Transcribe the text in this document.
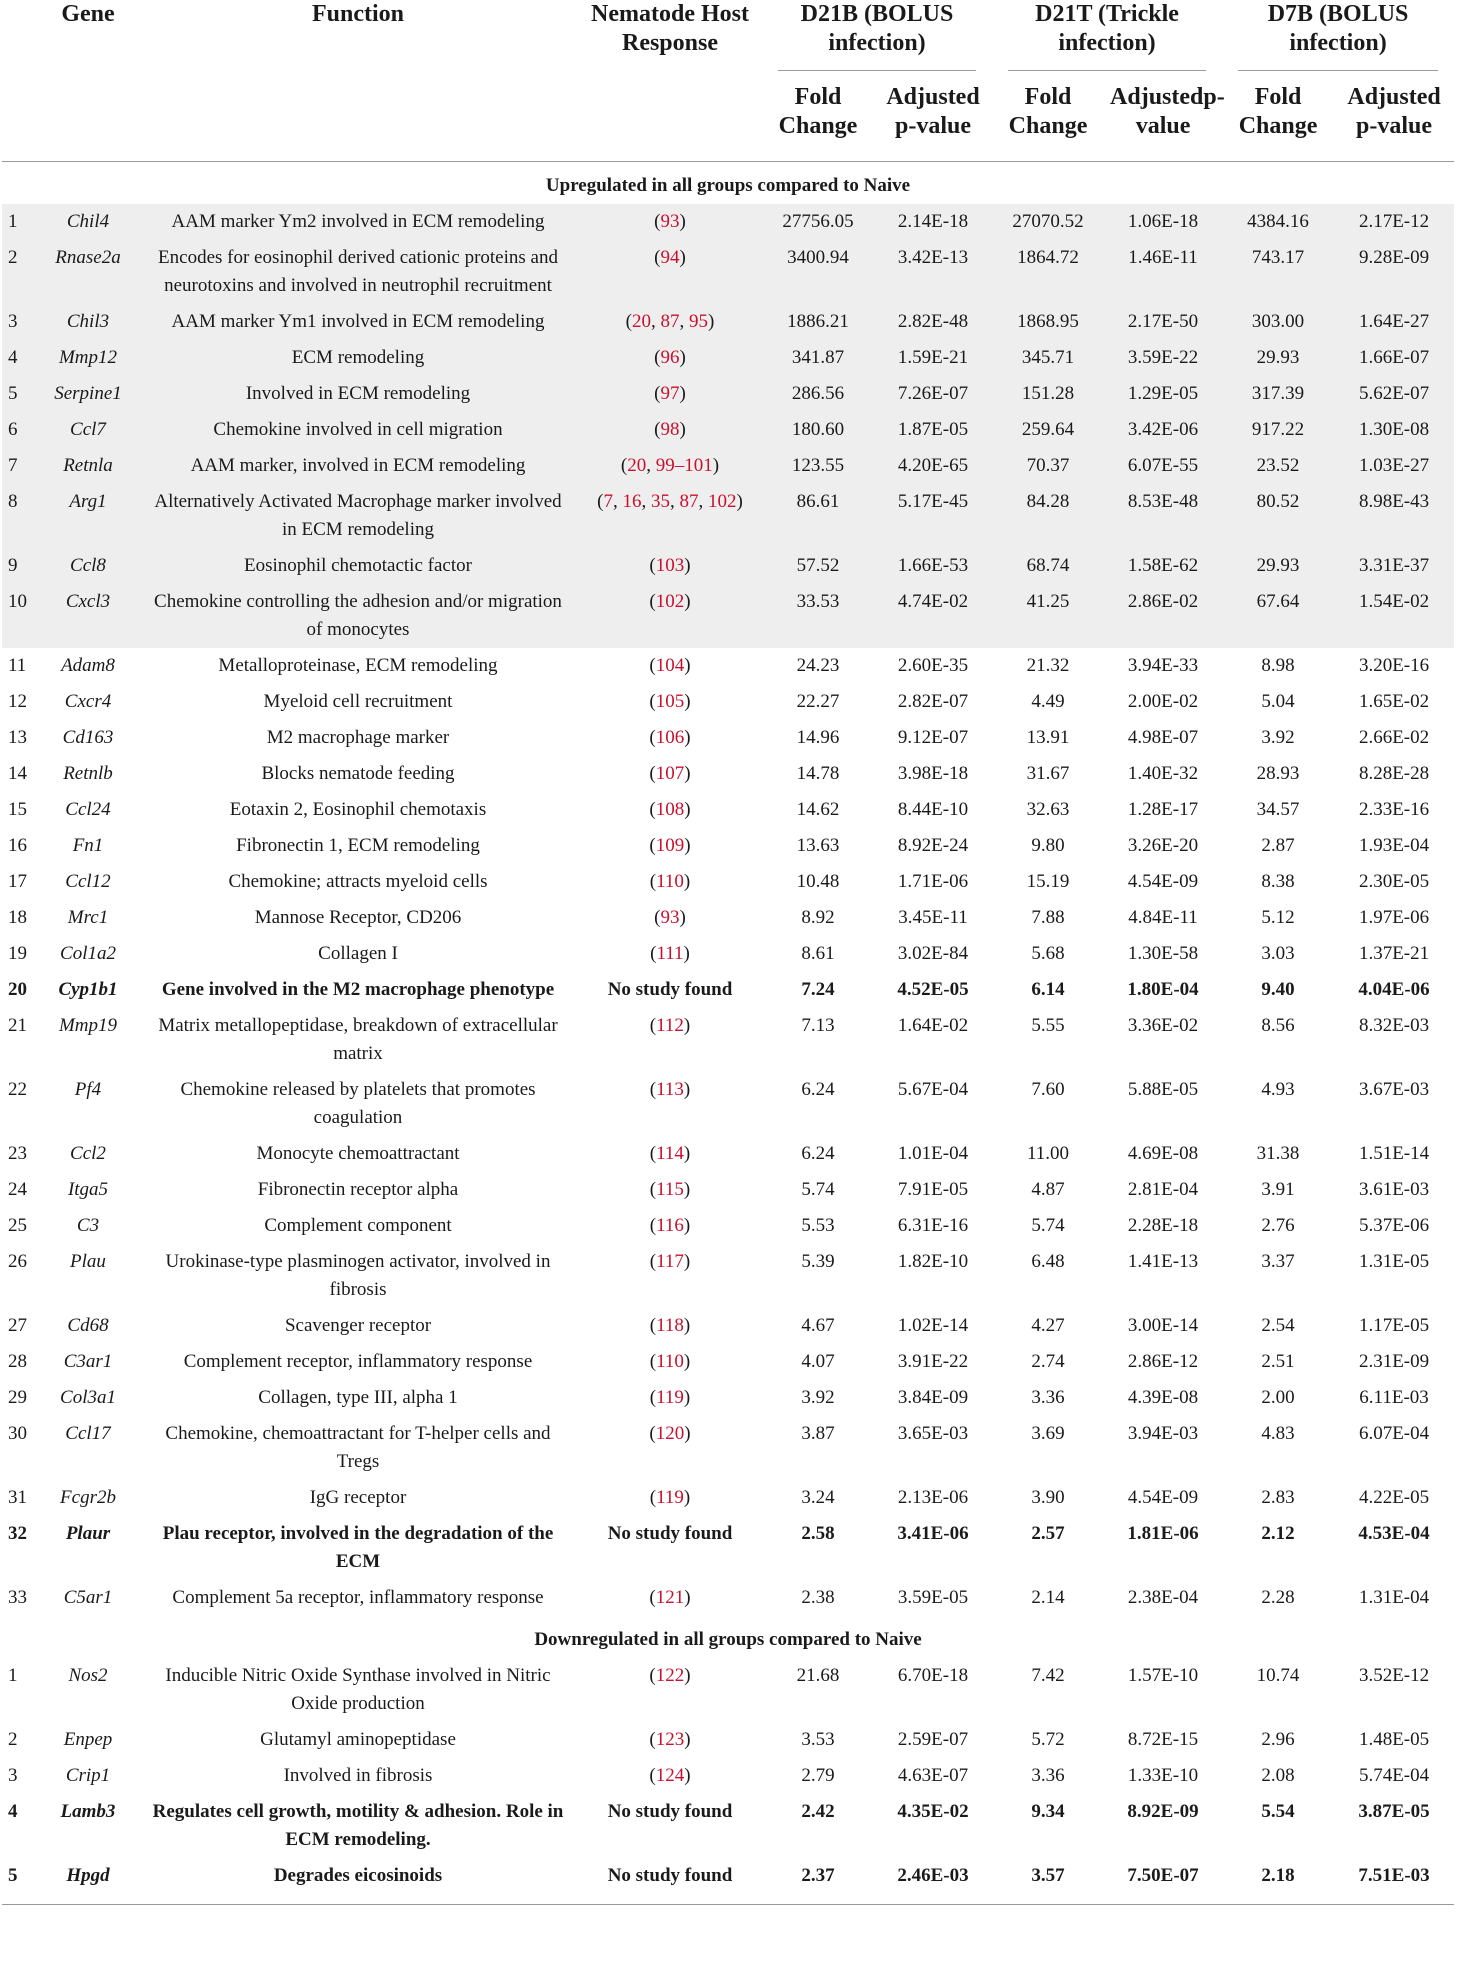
	Gene	Function	Nematode Host Response	D21B (BOLUS infection)		D21T (Trickle infection)		D7B (BOLUS infection)	

				Fold Change	Adjusted p-value	Fold Change	Adjustedp-value	Fold Change	Adjusted p-value
Upregulated in all groups compared to Naive									
1	Chil4	AAM marker Ym2 involved in ECM remodeling	(93)	27756.05	2.14E-18	27070.52	1.06E-18	4384.16	2.17E-12
2	Rnase2a	Encodes for eosinophil derived cationic proteins and neurotoxins and involved in neutrophil recruitment	(94)	3400.94	3.42E-13	1864.72	1.46E-11	743.17	9.28E-09
3	Chil3	AAM marker Ym1 involved in ECM remodeling	(20, 87, 95)	1886.21	2.82E-48	1868.95	2.17E-50	303.00	1.64E-27
4	Mmp12	ECM remodeling	(96)	341.87	1.59E-21	345.71	3.59E-22	29.93	1.66E-07
5	Serpine1	Involved in ECM remodeling	(97)	286.56	7.26E-07	151.28	1.29E-05	317.39	5.62E-07
6	Ccl7	Chemokine involved in cell migration	(98)	180.60	1.87E-05	259.64	3.42E-06	917.22	1.30E-08
7	Retnla	AAM marker, involved in ECM remodeling	(20, 99–101)	123.55	4.20E-65	70.37	6.07E-55	23.52	1.03E-27
8	Arg1	Alternatively Activated Macrophage marker involved in ECM remodeling	(7, 16, 35, 87, 102)	86.61	5.17E-45	84.28	8.53E-48	80.52	8.98E-43
9	Ccl8	Eosinophil chemotactic factor	(103)	57.52	1.66E-53	68.74	1.58E-62	29.93	3.31E-37
10	Cxcl3	Chemokine controlling the adhesion and/or migration of monocytes	(102)	33.53	4.74E-02	41.25	2.86E-02	67.64	1.54E-02
11	Adam8	Metalloproteinase, ECM remodeling	(104)	24.23	2.60E-35	21.32	3.94E-33	8.98	3.20E-16
12	Cxcr4	Myeloid cell recruitment	(105)	22.27	2.82E-07	4.49	2.00E-02	5.04	1.65E-02
13	Cd163	M2 macrophage marker	(106)	14.96	9.12E-07	13.91	4.98E-07	3.92	2.66E-02
14	Retnlb	Blocks nematode feeding	(107)	14.78	3.98E-18	31.67	1.40E-32	28.93	8.28E-28
15	Ccl24	Eotaxin 2, Eosinophil chemotaxis	(108)	14.62	8.44E-10	32.63	1.28E-17	34.57	2.33E-16
16	Fn1	Fibronectin 1, ECM remodeling	(109)	13.63	8.92E-24	9.80	3.26E-20	2.87	1.93E-04
17	Ccl12	Chemokine; attracts myeloid cells	(110)	10.48	1.71E-06	15.19	4.54E-09	8.38	2.30E-05
18	Mrc1	Mannose Receptor, CD206	(93)	8.92	3.45E-11	7.88	4.84E-11	5.12	1.97E-06
19	Col1a2	Collagen I	(111)	8.61	3.02E-84	5.68	1.30E-58	3.03	1.37E-21
20	Cyp1b1	Gene involved in the M2 macrophage phenotype	No study found	7.24	4.52E-05	6.14	1.80E-04	9.40	4.04E-06
21	Mmp19	Matrix metallopeptidase, breakdown of extracellular matrix	(112)	7.13	1.64E-02	5.55	3.36E-02	8.56	8.32E-03
22	Pf4	Chemokine released by platelets that promotes coagulation	(113)	6.24	5.67E-04	7.60	5.88E-05	4.93	3.67E-03
23	Ccl2	Monocyte chemoattractant	(114)	6.24	1.01E-04	11.00	4.69E-08	31.38	1.51E-14
24	Itga5	Fibronectin receptor alpha	(115)	5.74	7.91E-05	4.87	2.81E-04	3.91	3.61E-03
25	C3	Complement component	(116)	5.53	6.31E-16	5.74	2.28E-18	2.76	5.37E-06
26	Plau	Urokinase-type plasminogen activator, involved in fibrosis	(117)	5.39	1.82E-10	6.48	1.41E-13	3.37	1.31E-05
27	Cd68	Scavenger receptor	(118)	4.67	1.02E-14	4.27	3.00E-14	2.54	1.17E-05
28	C3ar1	Complement receptor, inflammatory response	(110)	4.07	3.91E-22	2.74	2.86E-12	2.51	2.31E-09
29	Col3a1	Collagen, type III, alpha 1	(119)	3.92	3.84E-09	3.36	4.39E-08	2.00	6.11E-03
30	Ccl17	Chemokine, chemoattractant for T-helper cells and Tregs	(120)	3.87	3.65E-03	3.69	3.94E-03	4.83	6.07E-04
31	Fcgr2b	IgG receptor	(119)	3.24	2.13E-06	3.90	4.54E-09	2.83	4.22E-05
32	Plaur	Plau receptor, involved in the degradation of the ECM	No study found	2.58	3.41E-06	2.57	1.81E-06	2.12	4.53E-04
33	C5ar1	Complement 5a receptor, inflammatory response	(121)	2.38	3.59E-05	2.14	2.38E-04	2.28	1.31E-04
Downregulated in all groups compared to Naive									
1	Nos2	Inducible Nitric Oxide Synthase involved in Nitric Oxide production	(122)	21.68	6.70E-18	7.42	1.57E-10	10.74	3.52E-12
2	Enpep	Glutamyl aminopeptidase	(123)	3.53	2.59E-07	5.72	8.72E-15	2.96	1.48E-05
3	Crip1	Involved in fibrosis	(124)	2.79	4.63E-07	3.36	1.33E-10	2.08	5.74E-04
4	Lamb3	Regulates cell growth, motility & adhesion. Role in ECM remodeling.	No study found	2.42	4.35E-02	9.34	8.92E-09	5.54	3.87E-05
5	Hpgd	Degrades eicosinoids	No study found	2.37	2.46E-03	3.57	7.50E-07	2.18	7.51E-03
